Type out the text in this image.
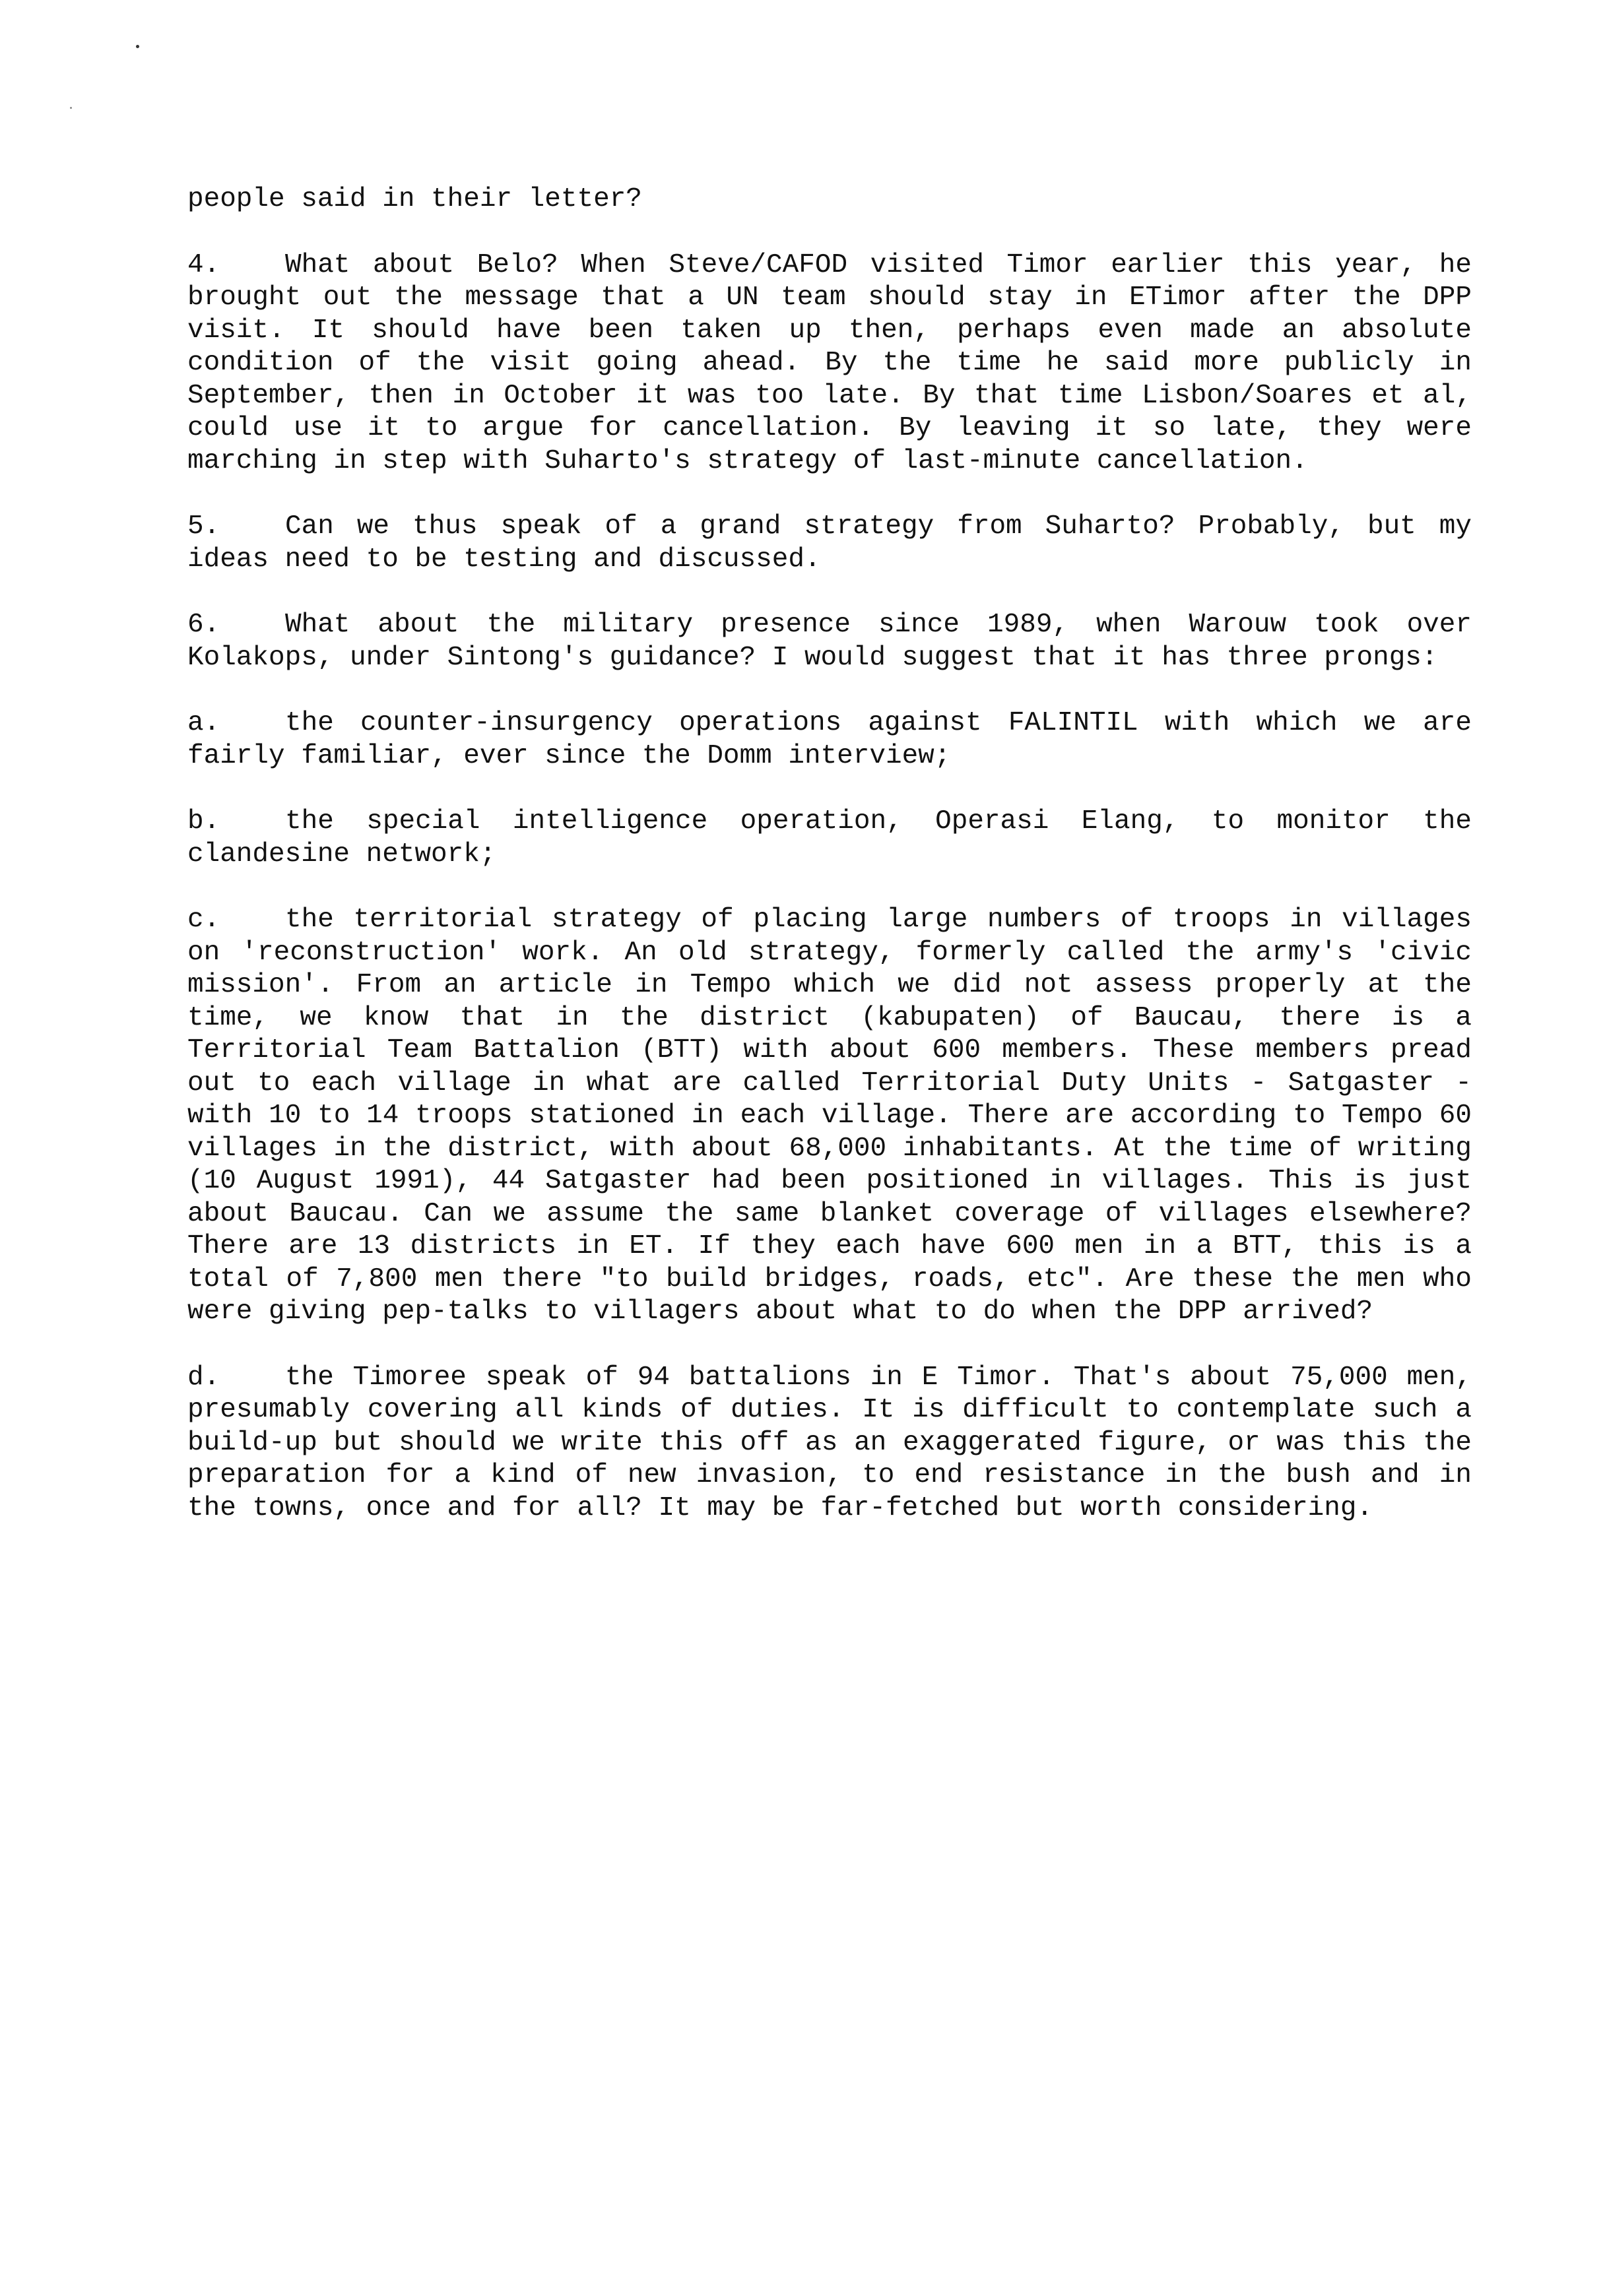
people said in their letter?

4. What about Belo? When Steve/CAFOD visited Timor earlier this year, he brought out the message that a UN team should stay in ETimor after the DPP visit. It should have been taken up then, perhaps even made an absolute condition of the visit going ahead. By the time he said more publicly in September, then in October it was too late. By that time Lisbon/Soares et al, could use it to argue for cancellation. By leaving it so late, they were marching in step with Suharto's strategy of last-minute cancellation.

5. Can we thus speak of a grand strategy from Suharto? Probably, but my ideas need to be testing and discussed.

6. What about the military presence since 1989, when Warouw took over Kolakops, under Sintong's guidance? I would suggest that it has three prongs:

a. the counter-insurgency operations against FALINTIL with which we are fairly familiar, ever since the Domm interview;

b. the special intelligence operation, Operasi Elang, to monitor the clandesine network;

c. the territorial strategy of placing large numbers of troops in villages on 'reconstruction' work. An old strategy, formerly called the army's 'civic mission'. From an article in Tempo which we did not assess properly at the time, we know that in the district (kabupaten) of Baucau, there is a Territorial Team Battalion (BTT) with about 600 members. These members pread out to each village in what are called Territorial Duty Units - Satgaster - with 10 to 14 troops stationed in each village. There are according to Tempo 60 villages in the district, with about 68,000 inhabitants. At the time of writing (10 August 1991), 44 Satgaster had been positioned in villages. This is just about Baucau. Can we assume the same blanket coverage of villages elsewhere? There are 13 districts in ET. If they each have 600 men in a BTT, this is a total of 7,800 men there "to build bridges, roads, etc". Are these the men who were giving pep-talks to villagers about what to do when the DPP arrived?

d. the Timoree speak of 94 battalions in E Timor. That's about 75,000 men, presumably covering all kinds of duties. It is difficult to contemplate such a build-up but should we write this off as an exaggerated figure, or was this the preparation for a kind of new invasion, to end resistance in the bush and in the towns, once and for all? It may be far-fetched but worth considering.
